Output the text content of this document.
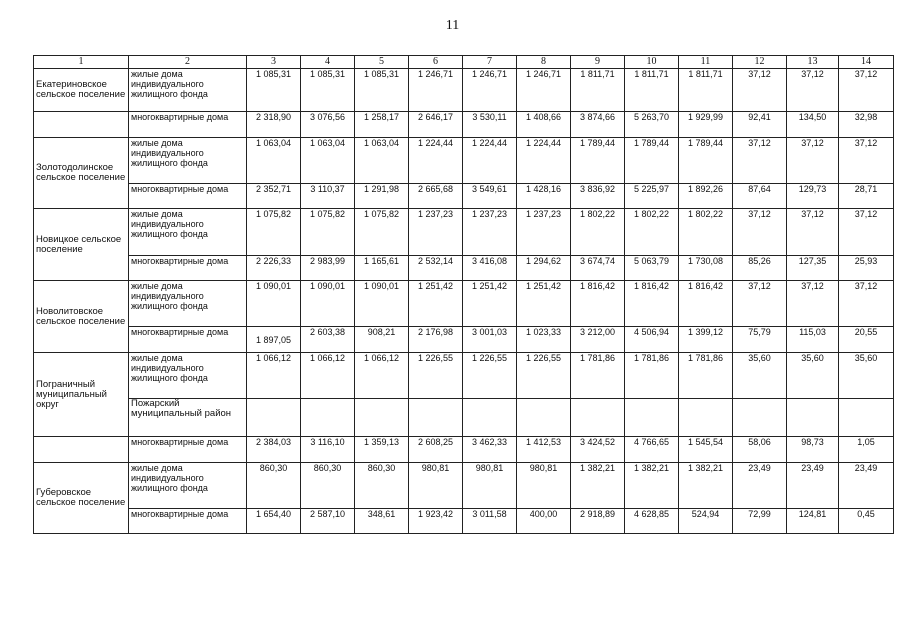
11
1	2	3	4	5	6	7	8	9	10	11	12	13	14	
Екатериновское сельское поселение	жилые дома индивидуального жилищного фонда	1 085,31	1 085,31	1 085,31	1 246,71	1 246,71	1 246,71	1 811,71	1 811,71	1 811,71	37,12	37,12	37,12	
	многоквартирные дома	2 318,90	3 076,56	1 258,17	2 646,17	3 530,11	1 408,66	3 874,66	5 263,70	1 929,99	92,41	134,50	32,98	
Золотодолинское сельское поселение	жилые дома индивидуального жилищного фонда	1 063,04	1 063,04	1 063,04	1 224,44	1 224,44	1 224,44	1 789,44	1 789,44	1 789,44	37,12	37,12	37,12	
	многоквартирные дома	2 352,71	3 110,37	1 291,98	2 665,68	3 549,61	1 428,16	3 836,92	5 225,97	1 892,26	87,64	129,73	28,71	
Новицкое сельское поселение	жилые дома индивидуального жилищного фонда	1 075,82	1 075,82	1 075,82	1 237,23	1 237,23	1 237,23	1 802,22	1 802,22	1 802,22	37,12	37,12	37,12	
	многоквартирные дома	2 226,33	2 983,99	1 165,61	2 532,14	3 416,08	1 294,62	3 674,74	5 063,79	1 730,08	85,26	127,35	25,93	
Новолитовское сельское поселение	жилые дома индивидуального жилищного фонда	1 090,01	1 090,01	1 090,01	1 251,42	1 251,42	1 251,42	1 816,42	1 816,42	1 816,42	37,12	37,12	37,12	
	многоквартирные дома	1 897,05	2 603,38	908,21	2 176,98	3 001,03	1 023,33	3 212,00	4 506,94	1 399,12	75,79	115,03	20,55	
Пограничный муниципальный округ	жилые дома индивидуального жилищного фонда	1 066,12	1 066,12	1 066,12	1 226,55	1 226,55	1 226,55	1 781,86	1 781,86	1 781,86	35,60	35,60	35,60	
	Пожарский муниципальный район													
	многоквартирные дома	2 384,03	3 116,10	1 359,13	2 608,25	3 462,33	1 412,53	3 424,52	4 766,65	1 545,54	58,06	98,73	1,05	
Губеровское сельское поселение	жилые дома индивидуального жилищного фонда	860,30	860,30	860,30	980,81	980,81	980,81	1 382,21	1 382,21	1 382,21	23,49	23,49	23,49	
	многоквартирные дома	1 654,40	2 587,10	348,61	1 923,42	3 011,58	400,00	2 918,89	4 628,85	524,94	72,99	124,81	0,45	
